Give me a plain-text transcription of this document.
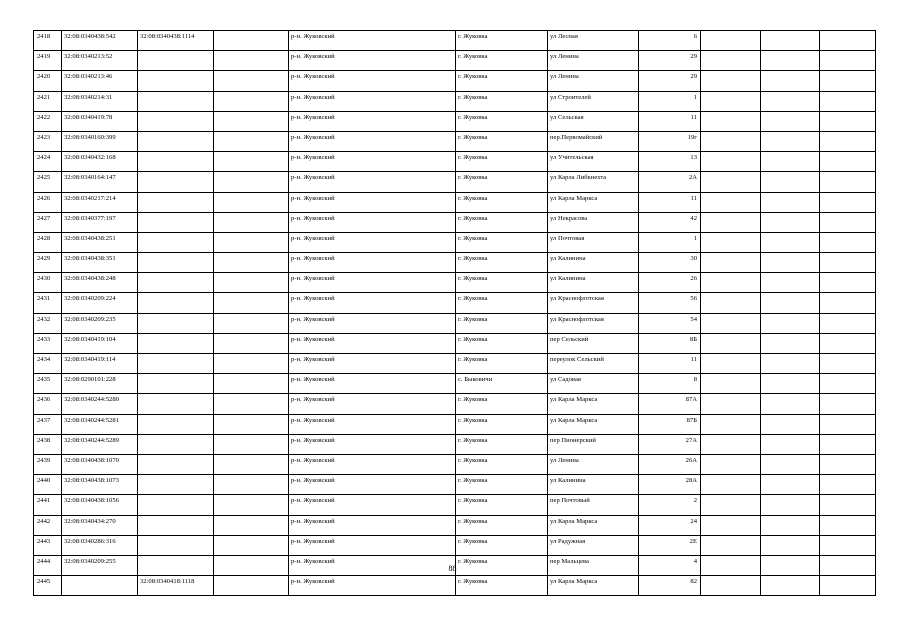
2418	32:08:0340438:542	32:08:0340438:1114		р-н. Жуковский	г. Жуковка	ул Лесная	6			
2419	32:08:0340213:52			р-н. Жуковский	г. Жуковка	ул Ленина	29			
2420	32:08:0340213:46			р-н. Жуковский	г. Жуковка	ул Ленина	29			
2421	32:08:0340214:31			р-н. Жуковский	г. Жуковка	ул Строителей	1			
2422	32:08:0340419:78			р-н. Жуковский	г. Жуковка	ул Сельская	11			
2423	32:08:0340160:399			р-н. Жуковский	г. Жуковка	пер.Первомайский	19г			
2424	32:08:0340432:168			р-н. Жуковский	г. Жуковка	ул Учительская	13			
2425	32:08:0340164:147			р-н. Жуковский	г. Жуковка	ул Карла Либкнехта	2А			
2426	32:08:0340217:214			р-н. Жуковский	г. Жуковка	ул Карла Маркса	11			
2427	32:08:0340377:197			р-н. Жуковский	г. Жуковка	ул Некрасова	42			
2428	32:08:0340438:251			р-н. Жуковский	г. Жуковка	ул Почтовая	1			
2429	32:08:0340438:351			р-н. Жуковский	г. Жуковка	ул Калинина	30			
2430	32:08:0340438:248			р-н. Жуковский	г. Жуковка	ул Калинина	26			
2431	32:08:0340209:224			р-н. Жуковский	г. Жуковка	ул Краснофлотская	56			
2432	32:08:0340209:235			р-н. Жуковский	г. Жуковка	ул Краснофлотская	54			
2433	32:08:0340419:104			р-н. Жуковский	г. Жуковка	пер Сельский	8Б			
2434	32:08:0340419:114			р-н. Жуковский	г. Жуковка	переулок Сельский	11			
2435	32:08:0290101:228			р-н. Жуковский	с. Быковичи	ул Садовая	8			
2436	32:08:0340244:5280			р-н. Жуковский	г. Жуковка	ул Карла Маркса	87А			
2437	32:08:0340244:5281			р-н. Жуковский	г. Жуковка	ул Карла Маркса	87Б			
2438	32:08:0340244:5289			р-н. Жуковский	г. Жуковка	пер Пионерский	27А			
2439	32:08:0340438:1070			р-н. Жуковский	г. Жуковка	ул Ленина	26А			
2440	32:08:0340438:1073			р-н. Жуковский	г. Жуковка	ул Калинина	28А			
2441	32:08:0340438:1056			р-н. Жуковский	г. Жуковка	пер Почтовый	2			
2442	32:08:0340434:270			р-н. Жуковский	г. Жуковка	ул Карла Маркса	24			
2443	32:08:0340286:316			р-н. Жуковский	г. Жуковка	ул Радужная	2Е			
2444	32:08:0340209:255			р-н. Жуковский	г. Жуковка	пер Мальцева	4			
2445		32:08:0340418:1118		р-н. Жуковский	г. Жуковка	ул Карла Маркса	82			
88
